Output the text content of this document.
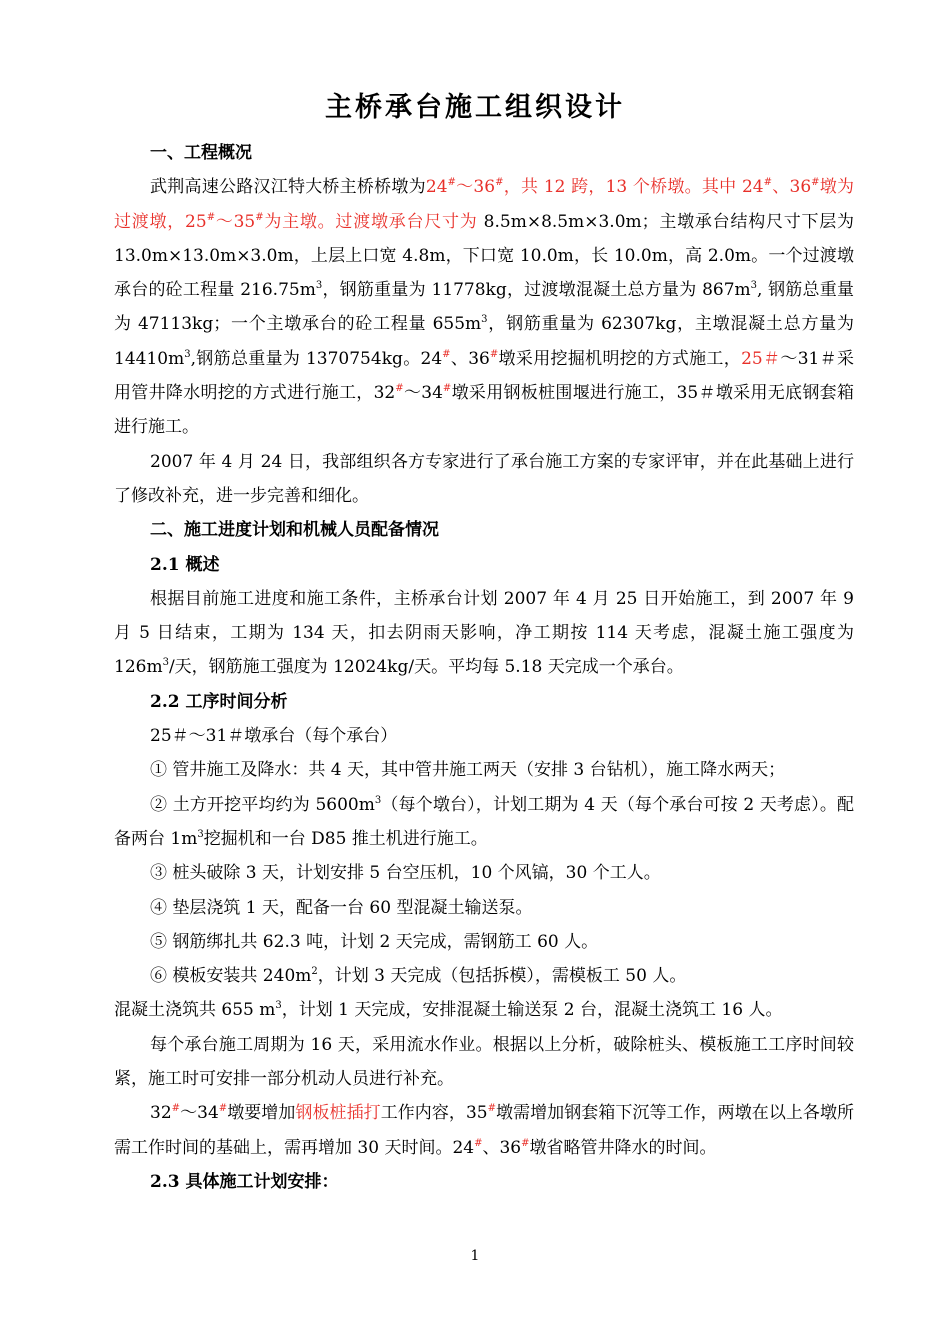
主桥承台施工组织设计

一、工程概况

武荆高速公路汉江特大桥主桥桥墩为24#～36#，共 12 跨，13 个桥墩。其中 24#、36#墩为过渡墩，25#～35#为主墩。过渡墩承台尺寸为 8.5m×8.5m×3.0m；主墩承台结构尺寸下层为 13.0m×13.0m×3.0m，上层上口宽 4.8m，下口宽 10.0m，长 10.0m，高 2.0m。一个过渡墩承台的砼工程量 $216.75m^3$，钢筋重量为 11778kg，过渡墩混凝土总方量为 $867m^3$, 钢筋总重量为 47113kg；一个主墩承台的砼工程量 $655m^3$，钢筋重量为 62307kg，主墩混凝土总方量为 $14410m^3$,钢筋总重量为 1370754kg。24#、36#墩采用挖掘机明挖的方式施工，25＃～31＃采用管井降水明挖的方式进行施工，32#～34#墩采用钢板桩围堰进行施工，35＃墩采用无底钢套箱进行施工。

2007 年 4 月 24 日，我部组织各方专家进行了承台施工方案的专家评审，并在此基础上进行了修改补充，进一步完善和细化。

二、施工进度计划和机械人员配备情况

2.1 概述

根据目前施工进度和施工条件，主桥承台计划 2007 年 4 月 25 日开始施工，到 2007 年 9 月 5 日结束，工期为 134 天，扣去阴雨天影响，净工期按 114 天考虑，混凝土施工强度为 $126m^3/$天，钢筋施工强度为 12024kg/天。平均每 5.18 天完成一个承台。

2.2 工序时间分析

25＃～31＃墩承台（每个承台）

① 管井施工及降水：共 4 天，其中管井施工两天（安排 3 台钻机），施工降水两天；

② 土方开挖平均约为 $5600m^3$（每个墩台），计划工期为 4 天（每个承台可按 2 天考虑）。配备两台 $1m^3$挖掘机和一台 D85 推土机进行施工。

③ 桩头破除 3 天，计划安排 5 台空压机，10 个风镐，30 个工人。

④ 垫层浇筑 1 天，配备一台 60 型混凝土输送泵。

⑤ 钢筋绑扎共 62.3 吨，计划 2 天完成，需钢筋工 60 人。

⑥ 模板安装共 $240m^2$，计划 3 天完成（包括拆模），需模板工 50 人。

混凝土浇筑共 655 $m^3$，计划 1 天完成，安排混凝土输送泵 2 台，混凝土浇筑工 16 人。

每个承台施工周期为 16 天，采用流水作业。根据以上分析，破除桩头、模板施工工序时间较紧，施工时可安排一部分机动人员进行补充。

32#～34#墩要增加钢板桩插打工作内容，35#墩需增加钢套箱下沉等工作，两墩在以上各墩所需工作时间的基础上，需再增加 30 天时间。24#、36#墩省略管井降水的时间。

2.3 具体施工计划安排：

1
